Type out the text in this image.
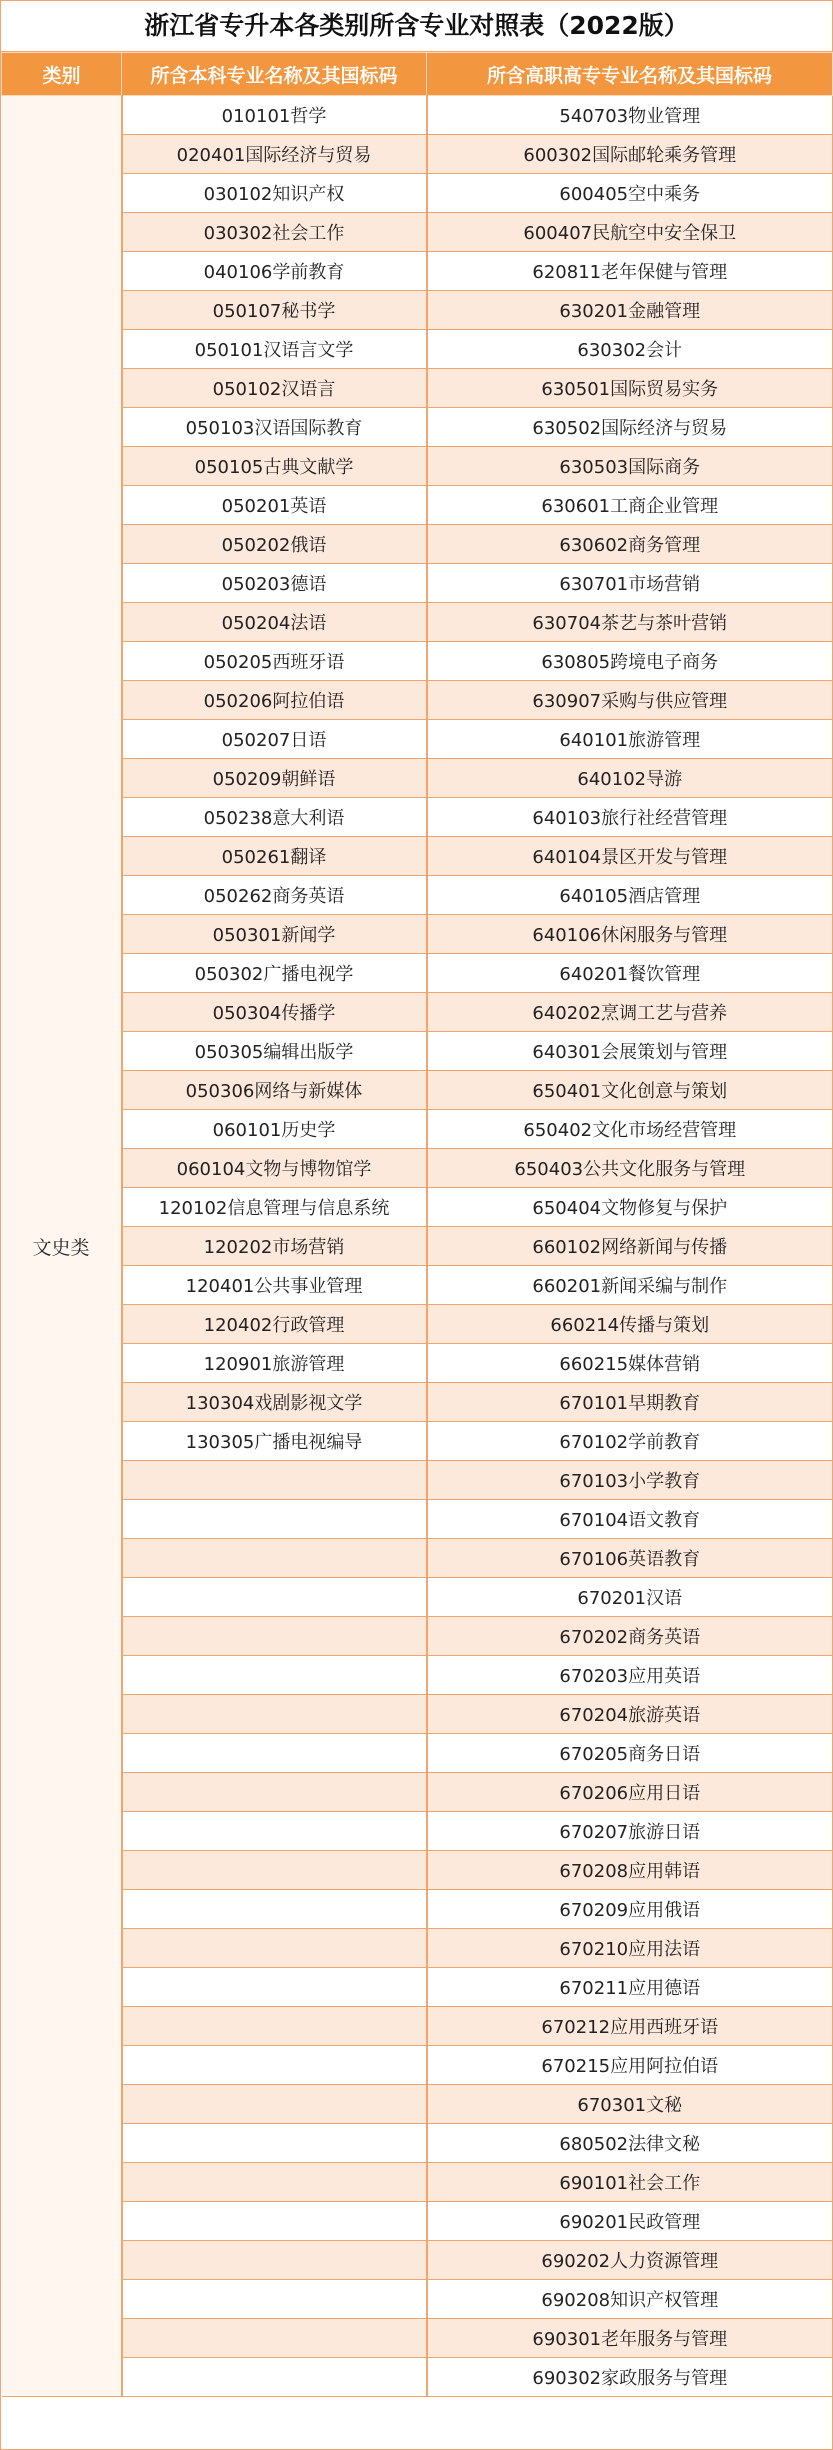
浙江省专升本各类别所含专业对照表（2022版）
类别	所含本科专业名称及其国标码	所含高职高专专业名称及其国标码
文史类	010101哲学	540703物业管理
	020401国际经济与贸易	600302国际邮轮乘务管理
	030102知识产权	600405空中乘务
	030302社会工作	600407民航空中安全保卫
	040106学前教育	620811老年保健与管理
	050107秘书学	630201金融管理
	050101汉语言文学	630302会计
	050102汉语言	630501国际贸易实务
	050103汉语国际教育	630502国际经济与贸易
	050105古典文献学	630503国际商务
	050201英语	630601工商企业管理
	050202俄语	630602商务管理
	050203德语	630701市场营销
	050204法语	630704茶艺与茶叶营销
	050205西班牙语	630805跨境电子商务
	050206阿拉伯语	630907采购与供应管理
	050207日语	640101旅游管理
	050209朝鲜语	640102导游
	050238意大利语	640103旅行社经营管理
	050261翻译	640104景区开发与管理
	050262商务英语	640105酒店管理
	050301新闻学	640106休闲服务与管理
	050302广播电视学	640201餐饮管理
	050304传播学	640202烹调工艺与营养
	050305编辑出版学	640301会展策划与管理
	050306网络与新媒体	650401文化创意与策划
	060101历史学	650402文化市场经营管理
	060104文物与博物馆学	650403公共文化服务与管理
	120102信息管理与信息系统	650404文物修复与保护
	120202市场营销	660102网络新闻与传播
	120401公共事业管理	660201新闻采编与制作
	120402行政管理	660214传播与策划
	120901旅游管理	660215媒体营销
	130304戏剧影视文学	670101早期教育
	130305广播电视编导	670102学前教育
		670103小学教育
		670104语文教育
		670106英语教育
		670201汉语
		670202商务英语
		670203应用英语
		670204旅游英语
		670205商务日语
		670206应用日语
		670207旅游日语
		670208应用韩语
		670209应用俄语
		670210应用法语
		670211应用德语
		670212应用西班牙语
		670215应用阿拉伯语
		670301文秘
		680502法律文秘
		690101社会工作
		690201民政管理
		690202人力资源管理
		690208知识产权管理
		690301老年服务与管理
		690302家政服务与管理
